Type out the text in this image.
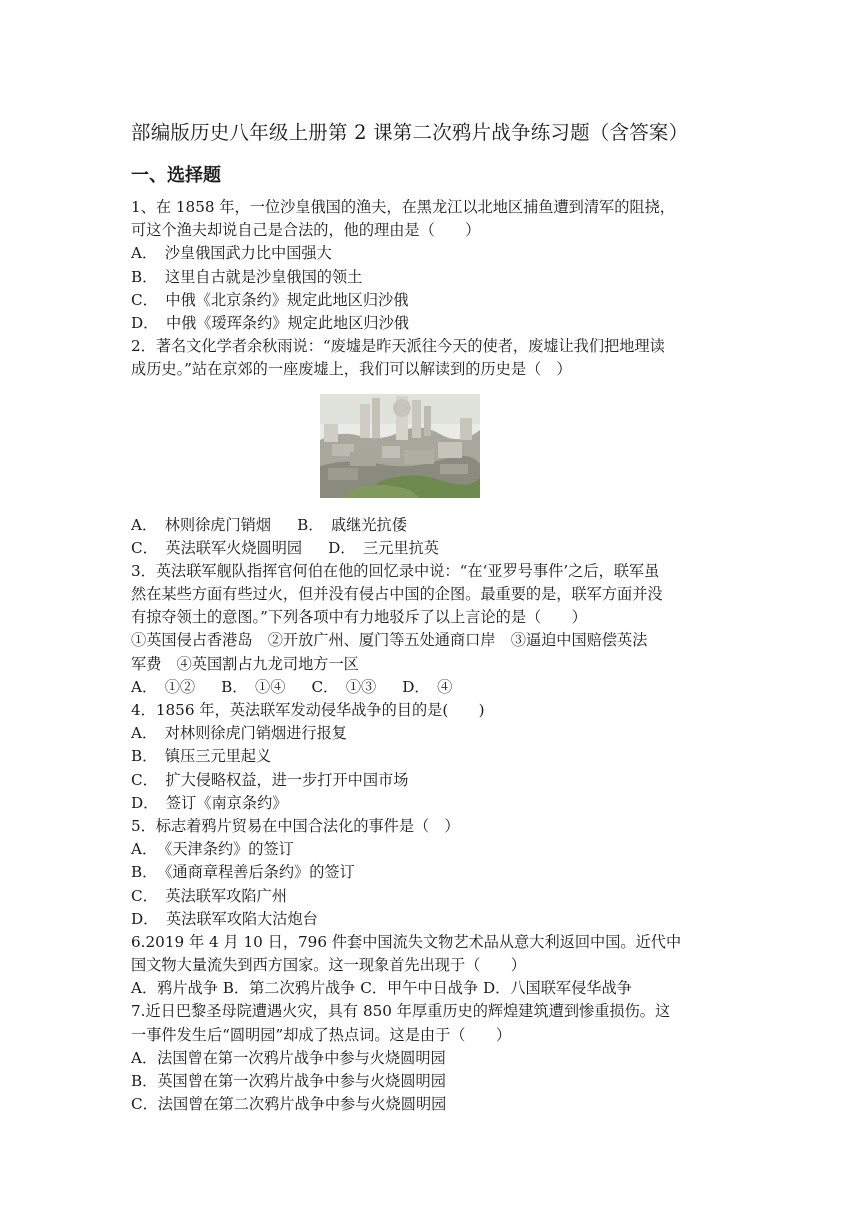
部编版历史八年级上册第 2 课第二次鸦片战争练习题（含答案）
一、选择题
1、在 1858 年，一位沙皇俄国的渔夫，在黑龙江以北地区捕鱼遭到清军的阻挠，
可这个渔夫却说自己是合法的，他的理由是（　　）
A．　沙皇俄国武力比中国强大
B．　这里自古就是沙皇俄国的领土
C．　中俄《北京条约》规定此地区归沙俄
D．　中俄《瑷珲条约》规定此地区归沙俄
2．著名文化学者余秋雨说：“废墟是昨天派往今天的使者，废墟让我们把地理读
成历史。”站在京郊的一座废墟上，我们可以解读到的历史是（　）
A．　林则徐虎门销烟 B．　戚继光抗倭
C．　英法联军火烧圆明园 D．　三元里抗英
3．英法联军舰队指挥官何伯在他的回忆录中说：“在‘亚罗号事件’之后，联军虽
然在某些方面有些过火，但并没有侵占中国的企图。最重要的是，联军方面并没
有掠夺领土的意图。”下列各项中有力地驳斥了以上言论的是（　　）
①英国侵占香港岛　②开放广州、厦门等五处通商口岸　③逼迫中国赔偿英法
军费　④英国割占九龙司地方一区
A．　①② B．　①④ C．　①③ D．　④
4．1856 年，英法联军发动侵华战争的目的是(　　)
A．　对林则徐虎门销烟进行报复
B．　镇压三元里起义
C．　扩大侵略权益，进一步打开中国市场
D．　签订《南京条约》
5．标志着鸦片贸易在中国合法化的事件是（　）
A．　《天津条约》的签订
B．　《通商章程善后条约》的签订
C．　英法联军攻陷广州
D．　英法联军攻陷大沽炮台
6.2019 年 4 月 10 日，796 件套中国流失文物艺术品从意大利返回中国。近代中
国文物大量流失到西方国家。这一现象首先出现于（　　）
A．鸦片战争 B．第二次鸦片战争 C．甲午中日战争 D．八国联军侵华战争
7.近日巴黎圣母院遭遇火灾，具有 850 年厚重历史的辉煌建筑遭到惨重损伤。这
一事件发生后“圆明园”却成了热点词。这是由于（　　）
A．法国曾在第一次鸦片战争中参与火烧圆明园
B．英国曾在第一次鸦片战争中参与火烧圆明园
C．法国曾在第二次鸦片战争中参与火烧圆明园
